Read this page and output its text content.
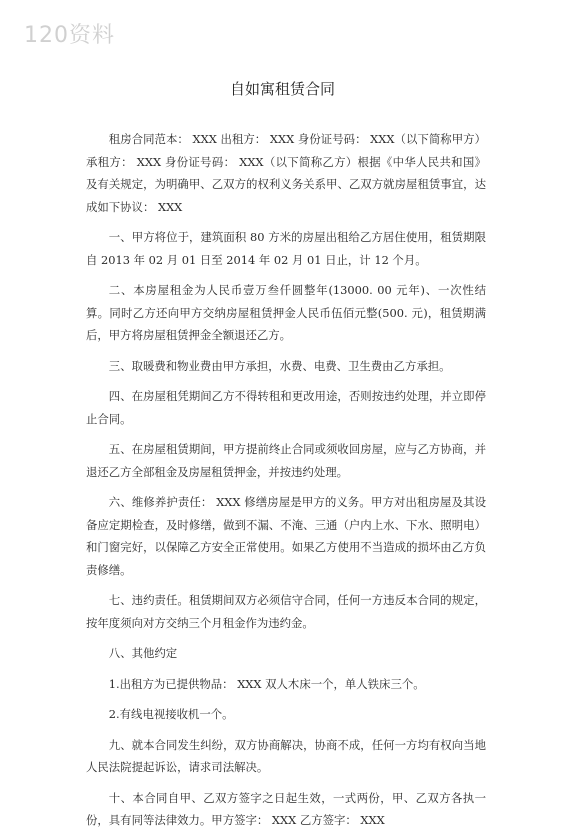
120资料
自如寓租赁合同

租房合同范本： XXX 出租方： XXX 身份证号码： XXX（以下简称甲方）承租方： XXX 身份证号码： XXX（以下简称乙方）根据《中华人民共和国》及有关规定，为明确甲、乙双方的权利义务关系甲、乙双方就房屋租赁事宜，达成如下协议： XXX

一、甲方将位于，建筑面积 80 方米的房屋出租给乙方居住使用，租赁期限自 2013 年 02 月 01 日至 2014 年 02 月 01 日止，计 12 个月。

二、本房屋租金为人民币壹万叁仟圆整年(13000. 00 元年)、一次性结算。同时乙方还向甲方交纳房屋租赁押金人民币伍佰元整(500. 元)，租赁期满后，甲方将房屋租赁押金全额退还乙方。

三、取暖费和物业费由甲方承担，水费、电费、卫生费由乙方承担。

四、在房屋租凭期间乙方不得转租和更改用途，否则按违约处理，并立即停止合同。

五、在房屋租赁期间，甲方提前终止合同或须收回房屋，应与乙方协商，并退还乙方全部租金及房屋租赁押金，并按违约处理。

六、维修养护责任： XXX 修缮房屋是甲方的义务。甲方对出租房屋及其设备应定期检查，及时修缮，做到不漏、不淹、三通（户内上水、下水、照明电）和门窗完好，以保障乙方安全正常使用。如果乙方使用不当造成的损坏由乙方负责修缮。

七、违约责任。租赁期间双方必须信守合同，任何一方违反本合同的规定，按年度须向对方交纳三个月租金作为违约金。

八、其他约定

1.出租方为已提供物品： XXX 双人木床一个，单人铁床三个。

2.有线电视接收机一个。

九、就本合同发生纠纷，双方协商解决，协商不成，任何一方均有权向当地人民法院提起诉讼，请求司法解决。

十、本合同自甲、乙双方签字之日起生效，一式两份，甲、乙双方各执一份，具有同等法律效力。甲方签字： XXX 乙方签字： XXX
